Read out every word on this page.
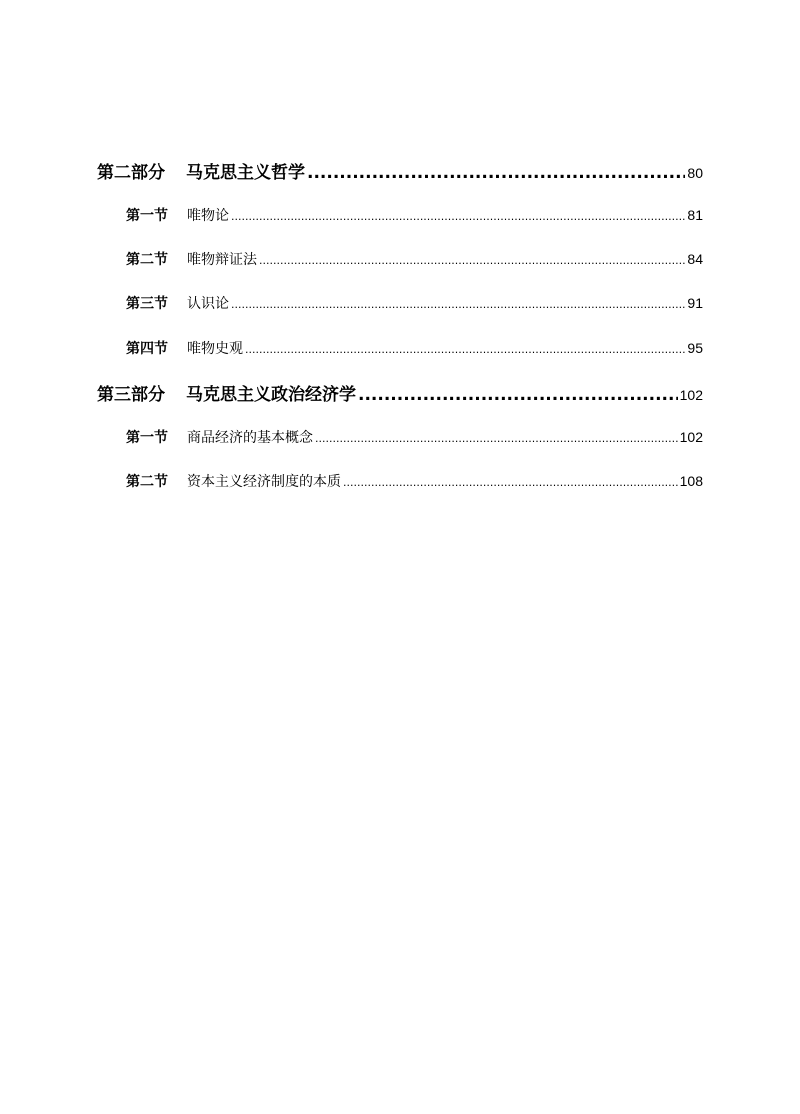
第二部分	马克思主义哲学 .....	80
第一节	唯物论 .....	81
第二节	唯物辩证法 .....	84
第三节	认识论 .....	91
第四节	唯物史观 .....	95
第三部分	马克思主义政治经济学 .....	102
第一节	商品经济的基本概念 .....	102
第二节	资本主义经济制度的本质 .....	108
